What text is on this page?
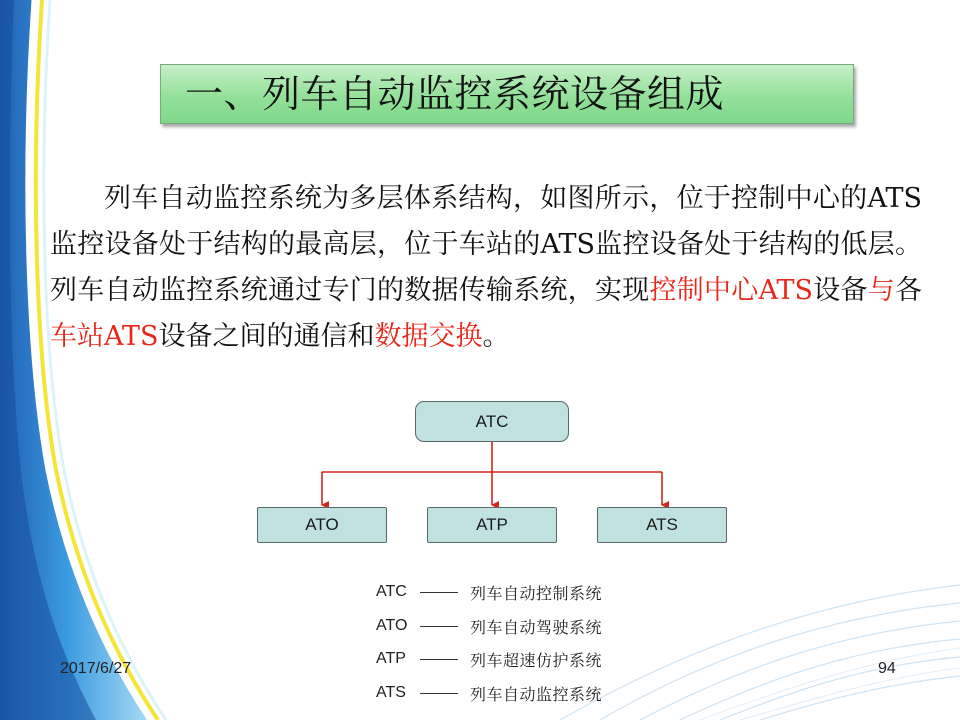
一、列车自动监控系统设备组成

列车自动监控系统为多层体系结构，如图所示，位于控制中心的ATS监控设备处于结构的最高层，位于车站的ATS监控设备处于结构的低层。列车自动监控系统通过专门的数据传输系统，实现控制中心ATS设备与各车站ATS设备之间的通信和数据交换。

ATC
ATO	ATP	ATS
ATC	列车自动控制系统
ATO	列车自动驾驶系统
ATP	列车超速仿护系统
ATS	列车自动监控系统
2017/6/27	94
